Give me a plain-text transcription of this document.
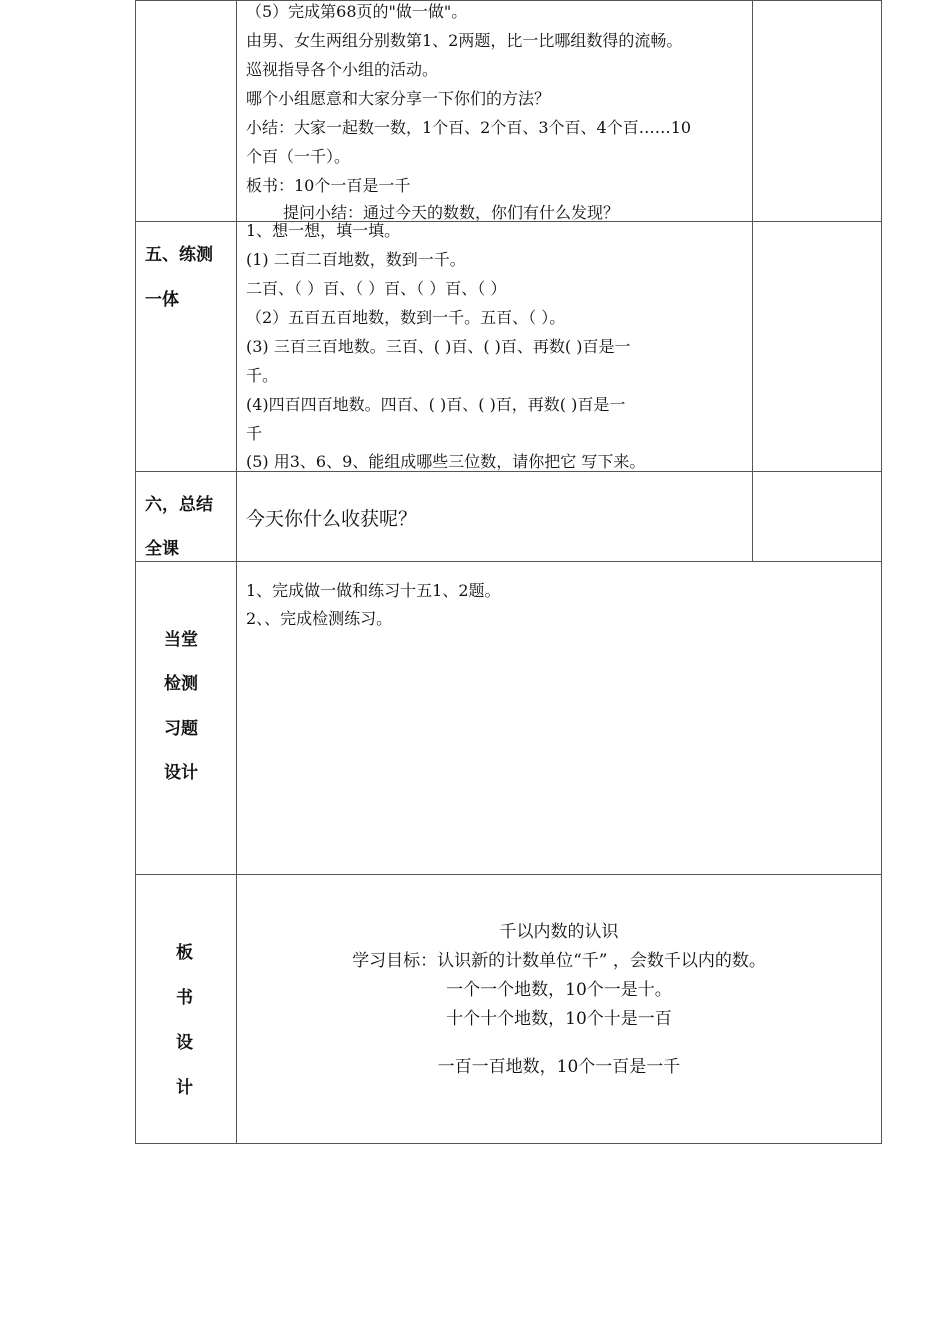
（5）完成第68页的"做一做"。
由男、女生两组分别数第1、2两题，比一比哪组数得的流畅。
巡视指导各个小组的活动。
哪个小组愿意和大家分享一下你们的方法？
小结：大家一起数一数，1个百、2个百、3个百、4个百……10
个百（一千）。
板书：10个一百是一千
提问小结：通过今天的数数，你们有什么发现？
五、练测
一体
1、想一想，填一填。
(1) 二百二百地数，数到一千。
二百、（ ）百、（ ）百、（ ）百、（ ）
（2）五百五百地数，数到一千。五百、（ ）。
(3) 三百三百地数。三百、( )百、( )百、再数( )百是一
千。
(4)四百四百地数。四百、( )百、( )百，再数( )百是一
千
(5) 用3、6、9、能组成哪些三位数，请你把它 写下来。
六，总结
全课
今天你什么收获呢？
当堂
检测
习题
设计
1、完成做一做和练习十五1、2题。
2、、完成检测练习。
板
书
设
计
千以内数的认识
学习目标：认识新的计数单位“千” ，会数千以内的数。
一个一个地数，10个一是十。
十个十个地数，10个十是一百
一百一百地数，10个一百是一千
